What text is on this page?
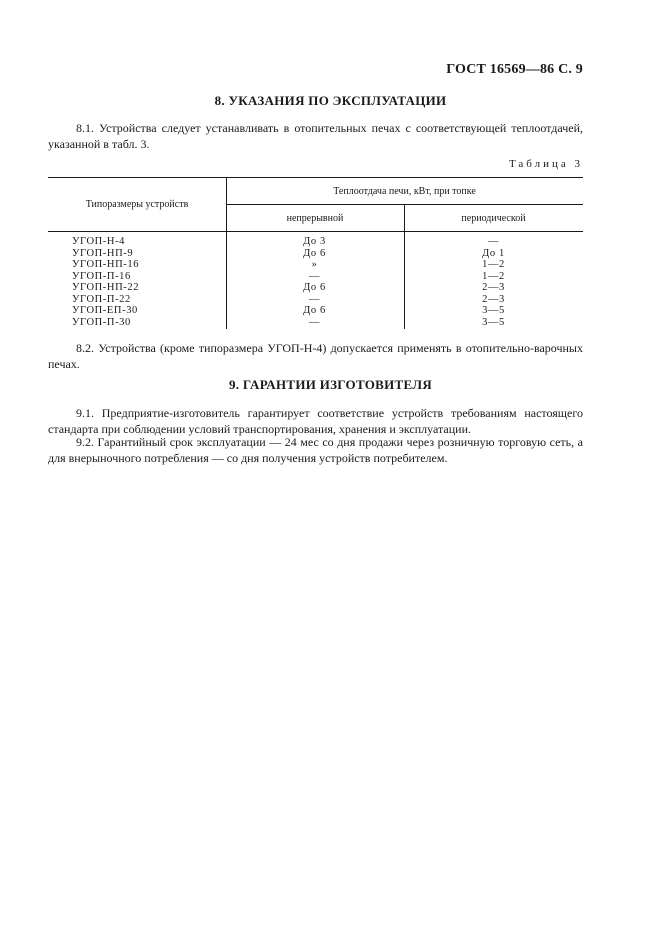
ГОСТ 16569—86 С. 9
8. УКАЗАНИЯ ПО ЭКСПЛУАТАЦИИ
8.1. Устройства следует устанавливать в отопительных печах с соответствующей теплоотдачей, указанной в табл. 3.
Таблица 3
Типоразмеры устройств
Теплоотдача печи, кВт, при топке
непрерывной	периодической
УГОП-Н-4	До 3	—
УГОП-НП-9	До 6	До 1
УГОП-НП-16	»	1—2
УГОП-П-16	—	1—2
УГОП-НП-22	До 6	2—3
УГОП-П-22	—	2—3
УГОП-ЕП-30	До 6	3—5
УГОП-П-30	—	3—5
8.2. Устройства (кроме типоразмера УГОП-Н-4) допускается применять в отопительно-варочных печах.
9. ГАРАНТИИ ИЗГОТОВИТЕЛЯ
9.1. Предприятие-изготовитель гарантирует соответствие устройств требованиям настоящего стандарта при соблюдении условий транспортирования, хранения и эксплуатации.
9.2. Гарантийный срок эксплуатации — 24 мес со дня продажи через розничную торговую сеть, а для внерыночного потребления — со дня получения устройств потребителем.
